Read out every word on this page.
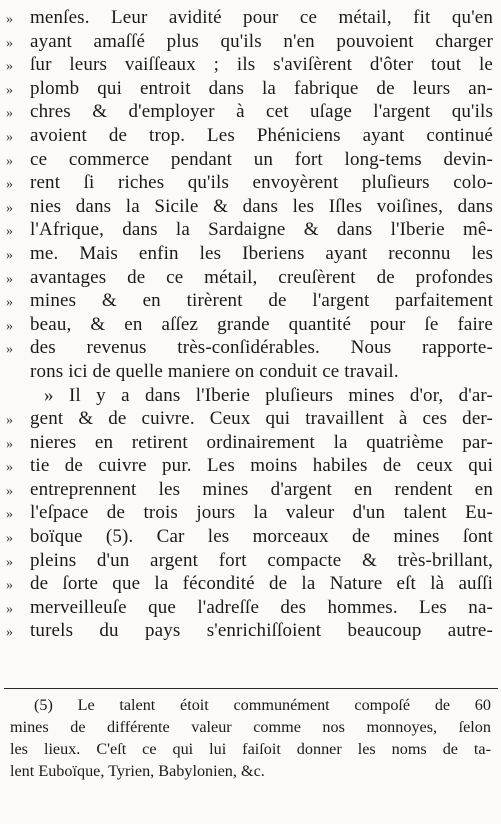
» menſes. Leur avidité pour ce métail, fit qu'en
» ayant amaſſé plus qu'ils n'en pouvoient charger
» ſur leurs vaiſſeaux ; ils s'aviſèrent d'ôter tout le
» plomb qui entroit dans la fabrique de leurs an-
» chres & d'employer à cet uſage l'argent qu'ils
» avoient de trop. Les Phéniciens ayant continué
» ce commerce pendant un fort long-tems devin-
» rent ſi riches qu'ils envoyèrent pluſieurs colo-
» nies dans la Sicile & dans les Iſles voiſines, dans
» l'Afrique, dans la Sardaigne & dans l'Iberie mê-
» me. Mais enfin les Iberiens ayant reconnu les
» avantages de ce métail, creuſèrent de profondes
» mines & en tirèrent de l'argent parfaitement
» beau, & en aſſez grande quantité pour ſe faire
» des revenus très-conſidérables. Nous rapporte-
rons ici de quelle maniere on conduit ce travail.
» Il y a dans l'Iberie pluſieurs mines d'or, d'ar-
» gent & de cuivre. Ceux qui travaillent à ces der-
» nieres en retirent ordinairement la quatrième par-
» tie de cuivre pur. Les moins habiles de ceux qui
» entreprennent les mines d'argent en rendent en
» l'eſpace de trois jours la valeur d'un talent Eu-
» boïque (5). Car les morceaux de mines ſont
» pleins d'un argent fort compacte & très-brillant,
» de ſorte que la fécondité de la Nature eſt là auſſi
» merveilleuſe que l'adreſſe des hommes. Les na-
» turels du pays s'enrichiſſoient beaucoup autre-
(5) Le talent étoit communément compoſé de 60
mines de différente valeur comme nos monnoyes, ſelon
les lieux. C'eſt ce qui lui faiſoit donner les noms de ta-
lent Euboïque, Tyrien, Babylonien, &c.
